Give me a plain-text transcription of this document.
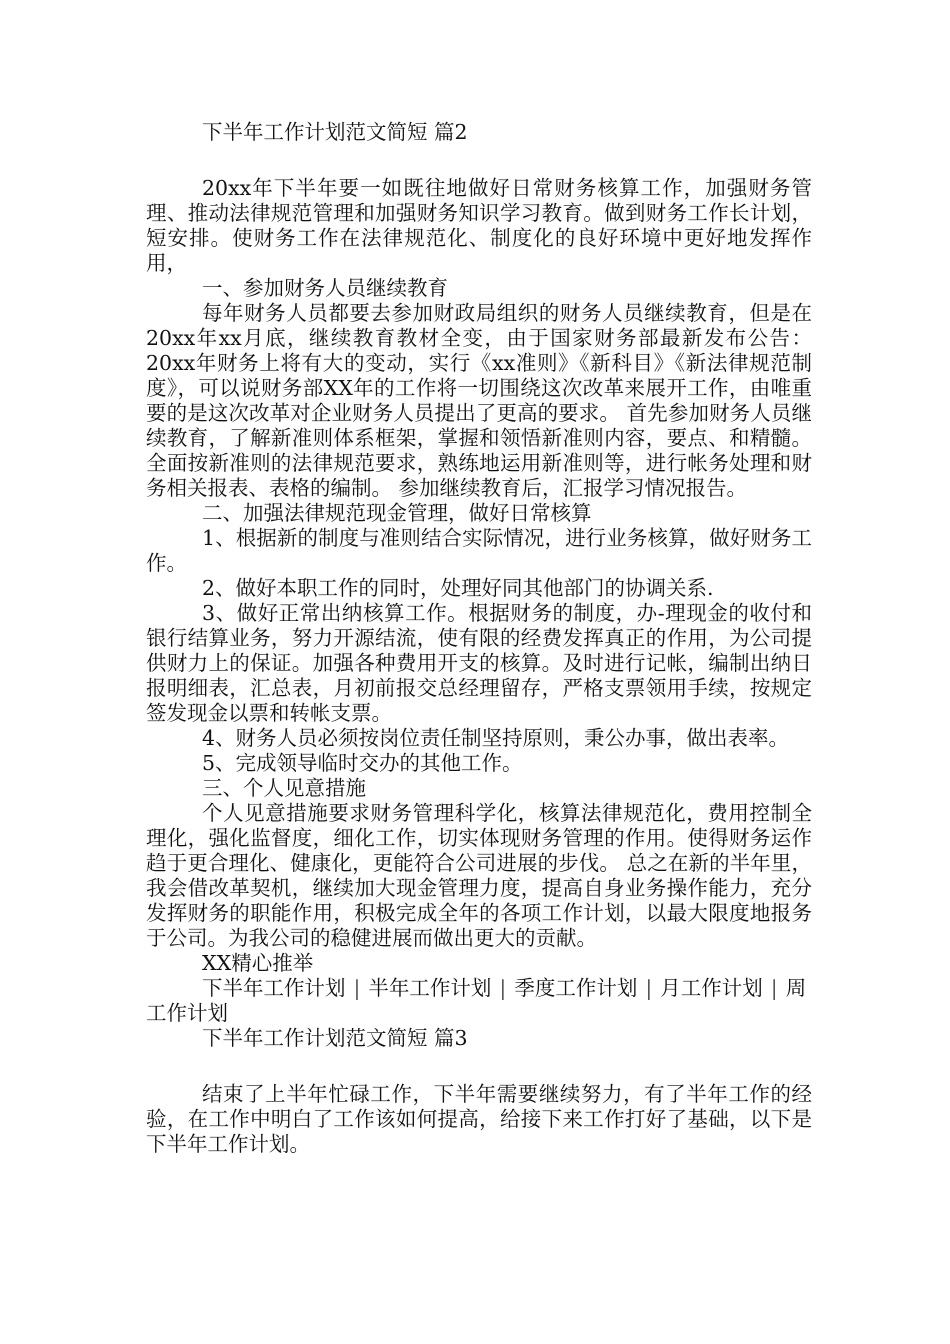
下半年工作计划范文简短 篇2

20xx年下半年要一如既往地做好日常财务核算工作，加强财务管理、推动法律规范管理和加强财务知识学习教育。做到财务工作长计划，短安排。使财务工作在法律规范化、制度化的良好环境中更好地发挥作用，

一、参加财务人员继续教育

每年财务人员都要去参加财政局组织的财务人员继续教育，但是在20xx年xx月底，继续教育教材全变，由于国家财务部最新发布公告：20xx年财务上将有大的变动，实行《xx准则》《新科目》《新法律规范制度》，可以说财务部XX年的工作将一切围绕这次改革来展开工作，由唯重要的是这次改革对企业财务人员提出了更高的要求。 首先参加财务人员继续教育，了解新准则体系框架，掌握和领悟新准则内容，要点、和精髓。全面按新准则的法律规范要求，熟练地运用新准则等，进行帐务处理和财务相关报表、表格的编制。 参加继续教育后，汇报学习情况报告。

二、加强法律规范现金管理，做好日常核算

1、根据新的制度与准则结合实际情况，进行业务核算，做好财务工作。

2、做好本职工作的同时，处理好同其他部门的协调关系.

3、做好正常出纳核算工作。根据财务的制度，办-理现金的收付和银行结算业务，努力开源结流，使有限的经费发挥真正的作用，为公司提供财力上的保证。加强各种费用开支的核算。及时进行记帐，编制出纳日报明细表，汇总表，月初前报交总经理留存，严格支票领用手续，按规定签发现金以票和转帐支票。

4、财务人员必须按岗位责任制坚持原则，秉公办事，做出表率。

5、完成领导临时交办的其他工作。

三、个人见意措施

个人见意措施要求财务管理科学化，核算法律规范化，费用控制全理化，强化监督度，细化工作，切实体现财务管理的作用。使得财务运作趋于更合理化、健康化，更能符合公司进展的步伐。 总之在新的半年里，我会借改革契机，继续加大现金管理力度，提高自身业务操作能力，充分发挥财务的职能作用，积极完成全年的各项工作计划，以最大限度地报务于公司。为我公司的稳健进展而做出更大的贡献。

XX精心推举

下半年工作计划 | 半年工作计划 | 季度工作计划 | 月工作计划 | 周工作计划

下半年工作计划范文简短 篇3

结束了上半年忙碌工作，下半年需要继续努力，有了半年工作的经验，在工作中明白了工作该如何提高，给接下来工作打好了基础，以下是下半年工作计划。
